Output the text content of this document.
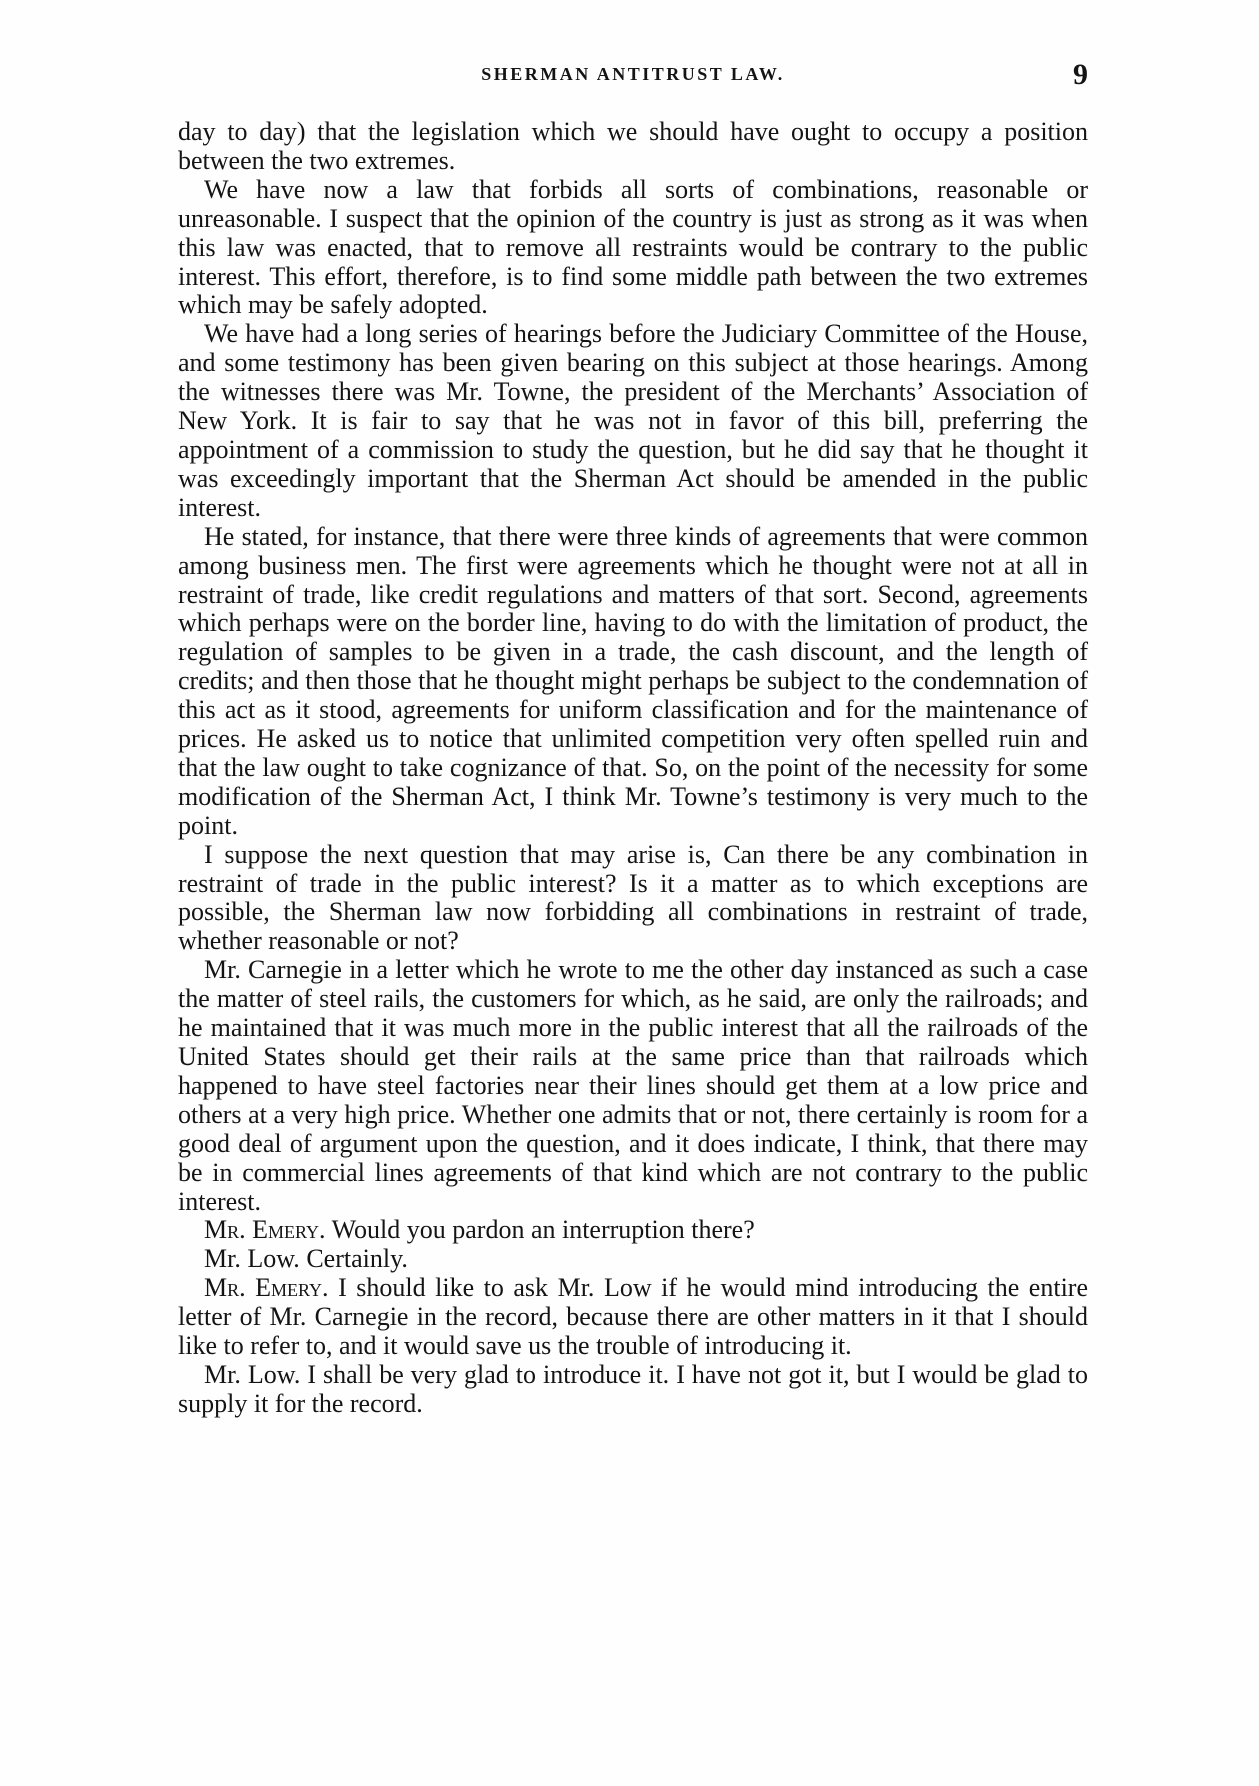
SHERMAN ANTITRUST LAW.	9

day to day) that the legislation which we should have ought to occupy a position between the two extremes.

We have now a law that forbids all sorts of combinations, reasonable or unreasonable. I suspect that the opinion of the country is just as strong as it was when this law was enacted, that to remove all restraints would be contrary to the public interest. This effort, therefore, is to find some middle path between the two extremes which may be safely adopted.

We have had a long series of hearings before the Judiciary Committee of the House, and some testimony has been given bearing on this subject at those hearings. Among the witnesses there was Mr. Towne, the president of the Merchants’ Association of New York. It is fair to say that he was not in favor of this bill, preferring the appointment of a commission to study the question, but he did say that he thought it was exceedingly important that the Sherman Act should be amended in the public interest.

He stated, for instance, that there were three kinds of agreements that were common among business men. The first were agreements which he thought were not at all in restraint of trade, like credit regulations and matters of that sort. Second, agreements which perhaps were on the border line, having to do with the limitation of product, the regulation of samples to be given in a trade, the cash discount, and the length of credits; and then those that he thought might perhaps be subject to the condemnation of this act as it stood, agreements for uniform classification and for the maintenance of prices. He asked us to notice that unlimited competition very often spelled ruin and that the law ought to take cognizance of that. So, on the point of the necessity for some modification of the Sherman Act, I think Mr. Towne’s testimony is very much to the point.

I suppose the next question that may arise is, Can there be any combination in restraint of trade in the public interest? Is it a matter as to which exceptions are possible, the Sherman law now forbidding all combinations in restraint of trade, whether reasonable or not?

Mr. Carnegie in a letter which he wrote to me the other day instanced as such a case the matter of steel rails, the customers for which, as he said, are only the railroads; and he maintained that it was much more in the public interest that all the railroads of the United States should get their rails at the same price than that railroads which happened to have steel factories near their lines should get them at a low price and others at a very high price. Whether one admits that or not, there certainly is room for a good deal of argument upon the question, and it does indicate, I think, that there may be in commercial lines agreements of that kind which are not contrary to the public interest.

Mr. Emery. Would you pardon an interruption there?

Mr. Low. Certainly.

Mr. Emery. I should like to ask Mr. Low if he would mind introducing the entire letter of Mr. Carnegie in the record, because there are other matters in it that I should like to refer to, and it would save us the trouble of introducing it.

Mr. Low. I shall be very glad to introduce it. I have not got it, but I would be glad to supply it for the record.
